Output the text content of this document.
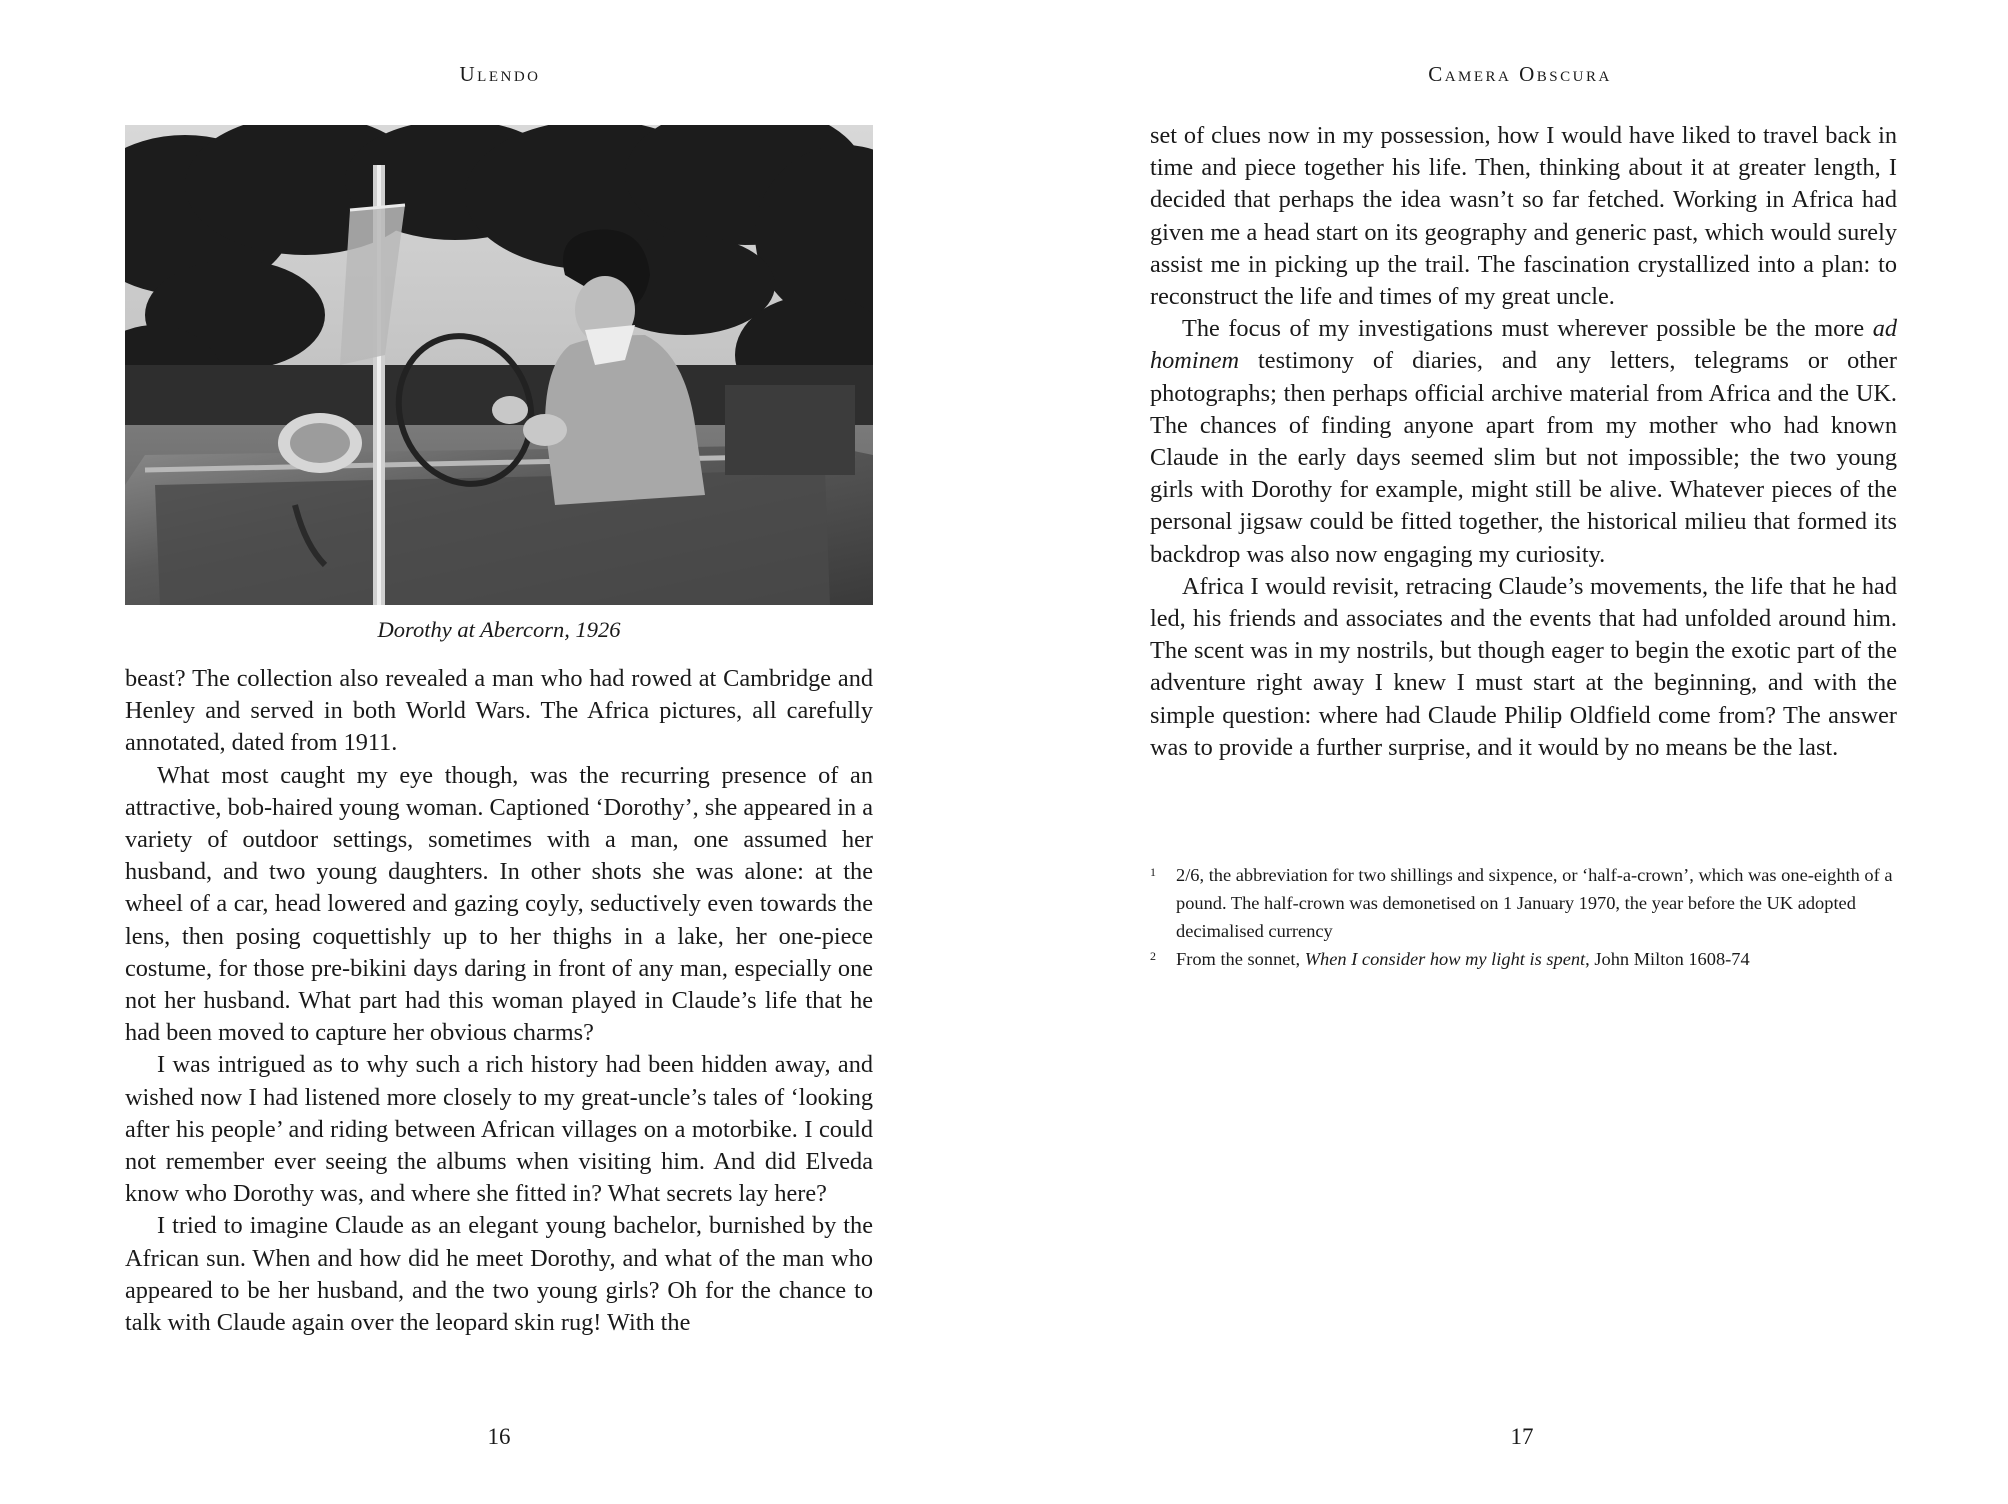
Ulendo
Dorothy at Abercorn, 1926

beast? The collection also revealed a man who had rowed at Cambridge and Henley and served in both World Wars. The Africa pictures, all carefully annotated, dated from 1911.

What most caught my eye though, was the recurring presence of an attractive, bob-haired young woman. Captioned ‘Dorothy’, she appeared in a variety of outdoor settings, sometimes with a man, one assumed her husband, and two young daughters. In other shots she was alone: at the wheel of a car, head lowered and gazing coyly, seductively even towards the lens, then posing coquettishly up to her thighs in a lake, her one-piece costume, for those pre-bikini days daring in front of any man, especially one not her husband. What part had this woman played in Claude’s life that he had been moved to capture her obvious charms?

I was intrigued as to why such a rich history had been hidden away, and wished now I had listened more closely to my great-uncle’s tales of ‘looking after his people’ and riding between African villages on a motorbike. I could not remember ever seeing the albums when visiting him. And did Elveda know who Dorothy was, and where she fitted in? What secrets lay here?

I tried to imagine Claude as an elegant young bachelor, burnished by the African sun. When and how did he meet Dorothy, and what of the man who appeared to be her husband, and the two young girls? Oh for the chance to talk with Claude again over the leopard skin rug! With the

16
Camera Obscura

set of clues now in my possession, how I would have liked to travel back in time and piece together his life. Then, thinking about it at greater length, I decided that perhaps the idea wasn’t so far fetched. Working in Africa had given me a head start on its geography and generic past, which would surely assist me in picking up the trail. The fascination crystallized into a plan: to reconstruct the life and times of my great uncle.

The focus of my investigations must wherever possible be the more ad hominem testimony of diaries, and any letters, telegrams or other photographs; then perhaps official archive material from Africa and the UK. The chances of finding anyone apart from my mother who had known Claude in the early days seemed slim but not impossible; the two young girls with Dorothy for example, might still be alive. Whatever pieces of the personal jigsaw could be fitted together, the historical milieu that formed its backdrop was also now engaging my curiosity.

Africa I would revisit, retracing Claude’s movements, the life that he had led, his friends and associates and the events that had unfolded around him. The scent was in my nostrils, but though eager to begin the exotic part of the adventure right away I knew I must start at the beginning, and with the simple question: where had Claude Philip Oldfield come from? The answer was to provide a further surprise, and it would by no means be the last.

1 2/6, the abbreviation for two shillings and sixpence, or ‘half-a-crown’, which was one-eighth of a pound. The half-crown was demonetised on 1 January 1970, the year before the UK adopted decimalised currency
2 From the sonnet, When I consider how my light is spent, John Milton 1608-74
17
